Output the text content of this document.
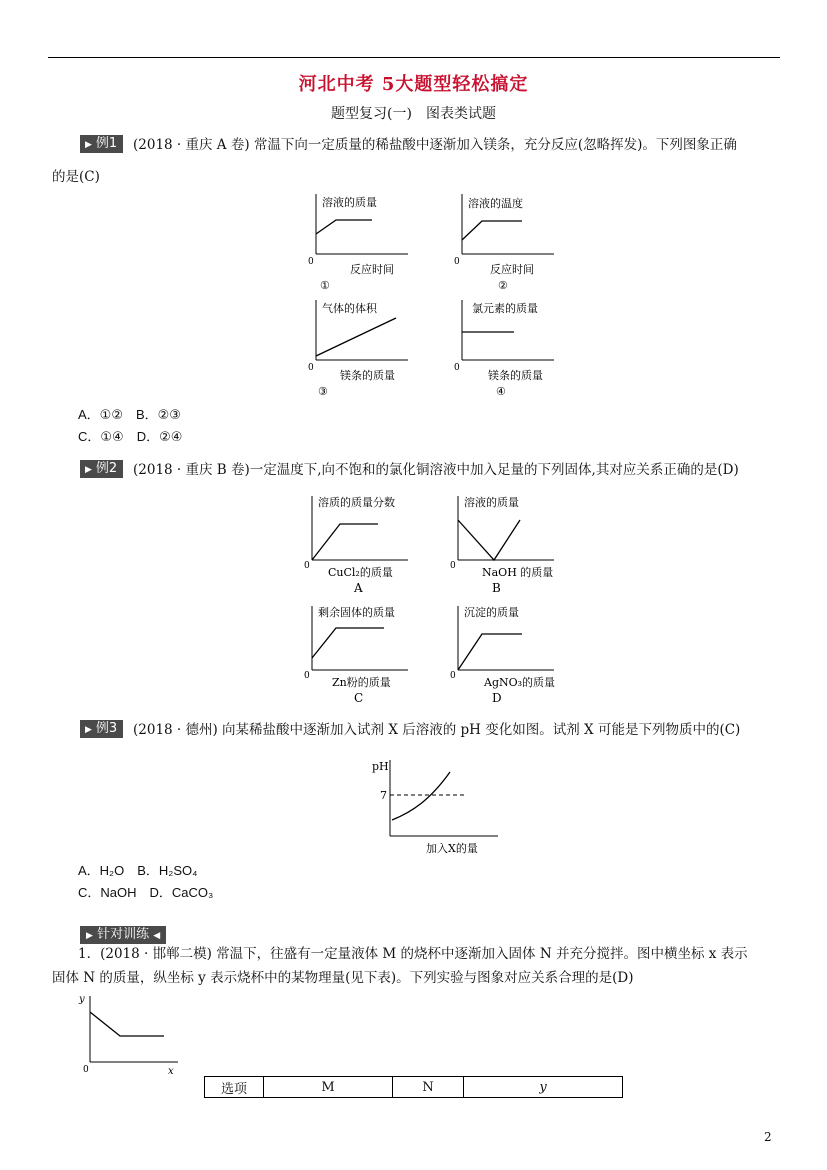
河北中考 5大题型轻松搞定
题型复习(一)　图表类试题
▶ 例1	(2018 · 重庆 A 卷) 常温下向一定质量的稀盐酸中逐渐加入镁条，充分反应(忽略挥发)。下列图象正确
的是(C)
溶液的质量
0
反应时间
①
溶液的温度
0
反应时间
②
气体的体积
0
镁条的质量
③
氯元素的质量
0
镁条的质量
④
A．①②　B．②③
C．①④　D．②④
▶ 例2	(2018 · 重庆 B 卷)一定温度下,向不饱和的氯化铜溶液中加入足量的下列固体,其对应关系正确的是(D)
溶质的质量分数
0 CuCl₂的质量
A
溶液的质量
0 NaOH 的质量
B
剩余固体的质量
0 Zn粉的质量
C
沉淀的质量
0	AgNO₃的质量
D
▶ 例3	(2018 · 德州) 向某稀盐酸中逐渐加入试剂 X 后溶液的 pH 变化如图。试剂 X 可能是下列物质中的(C)
pH
7
加入X的量
A．H₂O　B．H₂SO₄
C．NaOH　D．CaCO₃
▶ 针对训练 ◀
1．(2018 · 邯郸二模) 常温下，往盛有一定量液体 M 的烧杯中逐渐加入固体 N 并充分搅拌。图中横坐标 x 表示
固体 N 的质量，纵坐标 y 表示烧杯中的某物理量(见下表)。下列实验与图象对应关系合理的是(D)
y
0	x
选项	M	N	y
2
